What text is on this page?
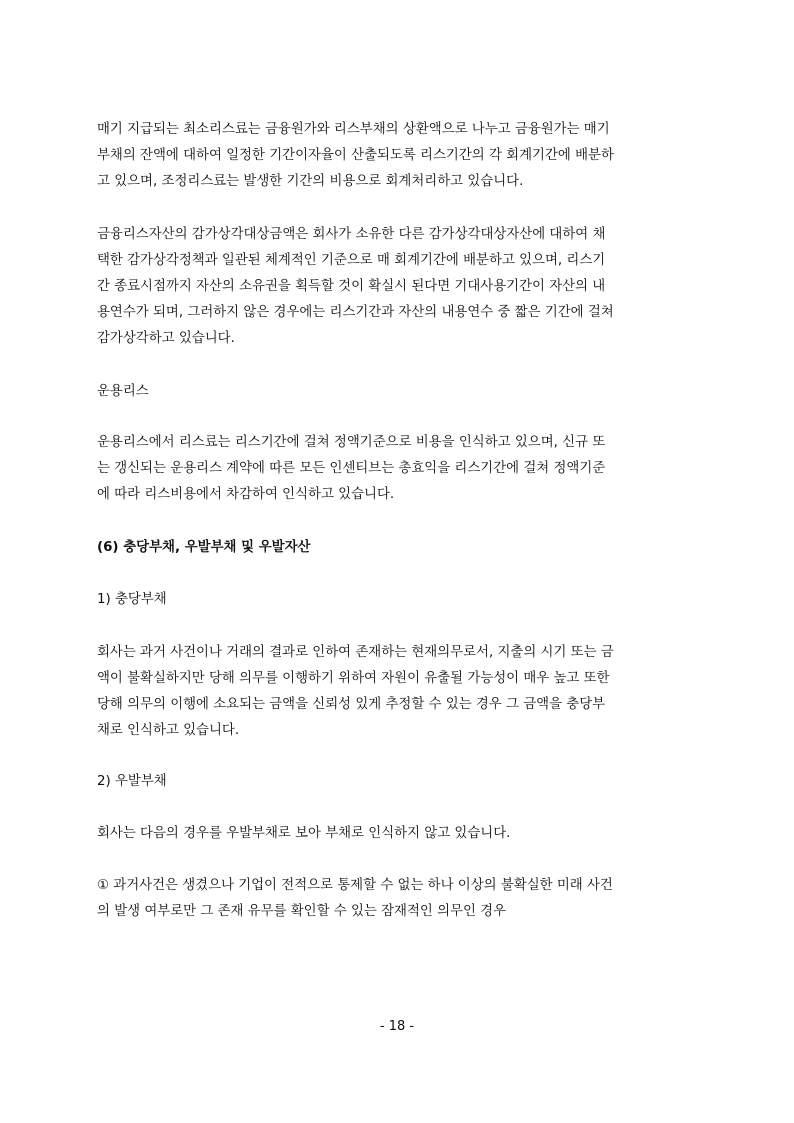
매기 지급되는 최소리스료는 금융원가와 리스부채의 상환액으로 나누고 금융원가는 매기
부채의 잔액에 대하여 일정한 기간이자율이 산출되도록 리스기간의 각 회계기간에 배분하
고 있으며, 조정리스료는 발생한 기간의 비용으로 회계처리하고 있습니다.
금융리스자산의 감가상각대상금액은 회사가 소유한 다른 감가상각대상자산에 대하여 채
택한 감가상각정책과 일관된 체계적인 기준으로 매 회계기간에 배분하고 있으며, 리스기
간 종료시점까지 자산의 소유권을 획득할 것이 확실시 된다면 기대사용기간이 자산의 내
용연수가 되며, 그러하지 않은 경우에는 리스기간과 자산의 내용연수 중 짧은 기간에 걸쳐
감가상각하고 있습니다.
운용리스
운용리스에서 리스료는 리스기간에 걸쳐 정액기준으로 비용을 인식하고 있으며, 신규 또
는 갱신되는 운용리스 계약에 따른 모든 인센티브는 총효익을 리스기간에 걸쳐 정액기준
에 따라 리스비용에서 차감하여 인식하고 있습니다.
(6) 충당부채, 우발부채 및 우발자산
1) 충당부채
회사는 과거 사건이나 거래의 결과로 인하여 존재하는 현재의무로서, 지출의 시기 또는 금
액이 불확실하지만 당해 의무를 이행하기 위하여 자원이 유출될 가능성이 매우 높고 또한
당해 의무의 이행에 소요되는 금액을 신뢰성 있게 추정할 수 있는 경우 그 금액을 충당부
채로 인식하고 있습니다.
2) 우발부채
회사는 다음의 경우를 우발부채로 보아 부채로 인식하지 않고 있습니다.
① 과거사건은 생겼으나 기업이 전적으로 통제할 수 없는 하나 이상의 불확실한 미래 사건
의 발생 여부로만 그 존재 유무를 확인할 수 있는 잠재적인 의무인 경우
- 18 -
